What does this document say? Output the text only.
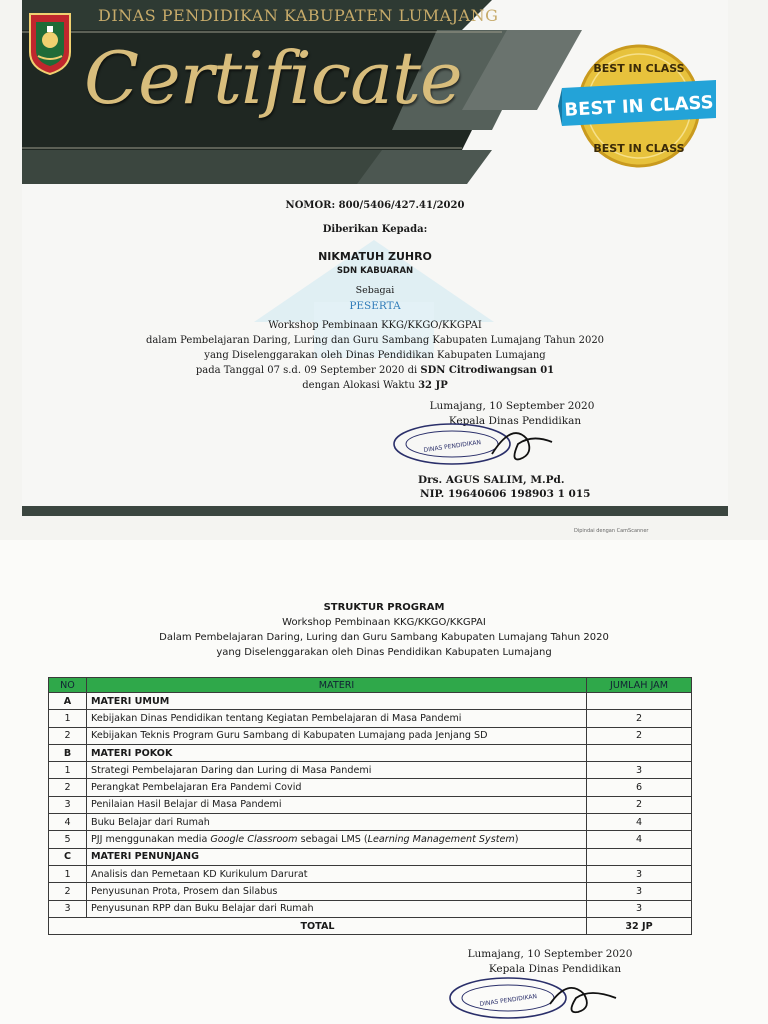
DINAS PENDIDIKAN KABUPATEN LUMAJANG
Certificate	BEST IN CLASS
BEST IN CLASS
BEST IN CLASS
NOMOR: 800/5406/427.41/2020
Diberikan Kepada:
NIKMATUH ZUHRO
SDN KABUARAN
Sebagai
PESERTA
Workshop Pembinaan KKG/KKGO/KKGPAI
dalam Pembelajaran Daring, Luring dan Guru Sambang Kabupaten Lumajang Tahun 2020
yang Diselenggarakan oleh Dinas Pendidikan Kabupaten Lumajang
pada Tanggal 07 s.d. 09 September 2020 di SDN Citrodiwangsan 01
dengan Alokasi Waktu 32 JP
Lumajang, 10 September 2020
Kepala Dinas Pendidikan
DINAS PENDIDIKAN
Drs. AGUS SALIM, M.Pd.
NIP. 19640606 198903 1 015
Dipindai dengan CamScanner
STRUKTUR PROGRAM
Workshop Pembinaan KKG/KKGO/KKGPAI
Dalam Pembelajaran Daring, Luring dan Guru Sambang Kabupaten Lumajang Tahun 2020
yang Diselenggarakan oleh Dinas Pendidikan Kabupaten Lumajang
NO	MATERI	JUMLAH JAM
A	MATERI UMUM	
1	Kebijakan Dinas Pendidikan tentang Kegiatan Pembelajaran di Masa Pandemi	2
2	Kebijakan Teknis Program Guru Sambang di Kabupaten Lumajang pada Jenjang SD	2
B	MATERI POKOK	
1	Strategi Pembelajaran Daring dan Luring di Masa Pandemi	3
2	Perangkat Pembelajaran Era Pandemi Covid	6
3	Penilaian Hasil Belajar di Masa Pandemi	2
4	Buku Belajar dari Rumah	4
5	PJJ menggunakan media Google Classroom sebagai LMS (Learning Management System)	4
C	MATERI PENUNJANG	
1	Analisis dan Pemetaan KD Kurikulum Darurat	3
2	Penyusunan Prota, Prosem dan Silabus	3
3	Penyusunan RPP dan Buku Belajar dari Rumah	3
TOTAL		32 JP
Lumajang, 10 September 2020
Kepala Dinas Pendidikan
DINAS PENDIDIKAN
